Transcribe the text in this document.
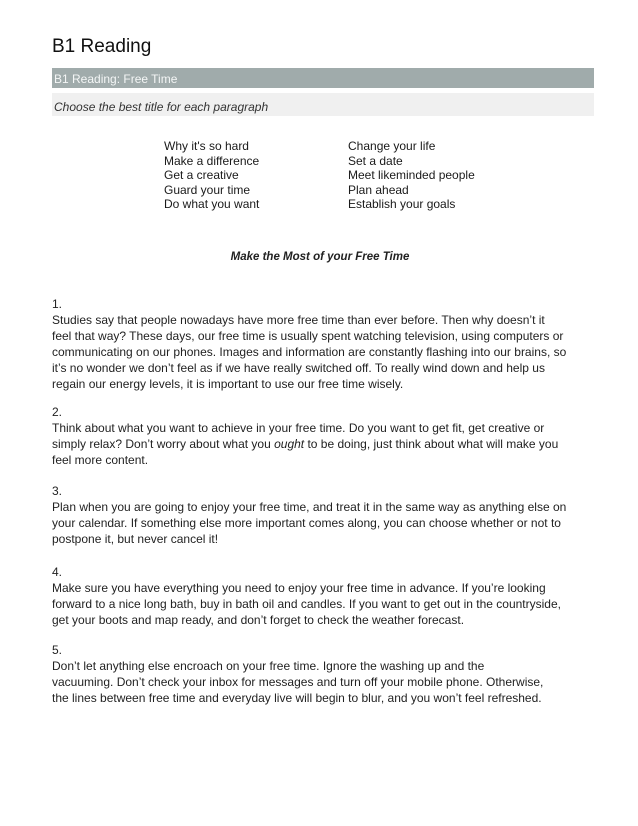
B1 Reading
B1 Reading: Free Time
Choose the best title for each paragraph
Why it's so hard
Make a difference
Get a creative
Guard your time
Do what you want
Change your life
Set a date
Meet likeminded people
Plan ahead
Establish your goals
Make the Most of your Free Time
1.
Studies say that people nowadays have more free time than ever before. Then why doesn’t it
feel that way? These days, our free time is usually spent watching television, using computers or
communicating on our phones. Images and information are constantly flashing into our brains, so
it’s no wonder we don’t feel as if we have really switched off. To really wind down and help us
regain our energy levels, it is important to use our free time wisely.
2.
Think about what you want to achieve in your free time. Do you want to get fit, get creative or
simply relax? Don’t worry about what you ought to be doing, just think about what will make you
feel more content.
3.
Plan when you are going to enjoy your free time, and treat it in the same way as anything else on
your calendar. If something else more important comes along, you can choose whether or not to
postpone it, but never cancel it!
4.
Make sure you have everything you need to enjoy your free time in advance. If you’re looking
forward to a nice long bath, buy in bath oil and candles. If you want to get out in the countryside,
get your boots and map ready, and don’t forget to check the weather forecast.
5.
Don’t let anything else encroach on your free time. Ignore the washing up and the
vacuuming. Don’t check your inbox for messages and turn off your mobile phone. Otherwise,
the lines between free time and everyday live will begin to blur, and you won’t feel refreshed.
